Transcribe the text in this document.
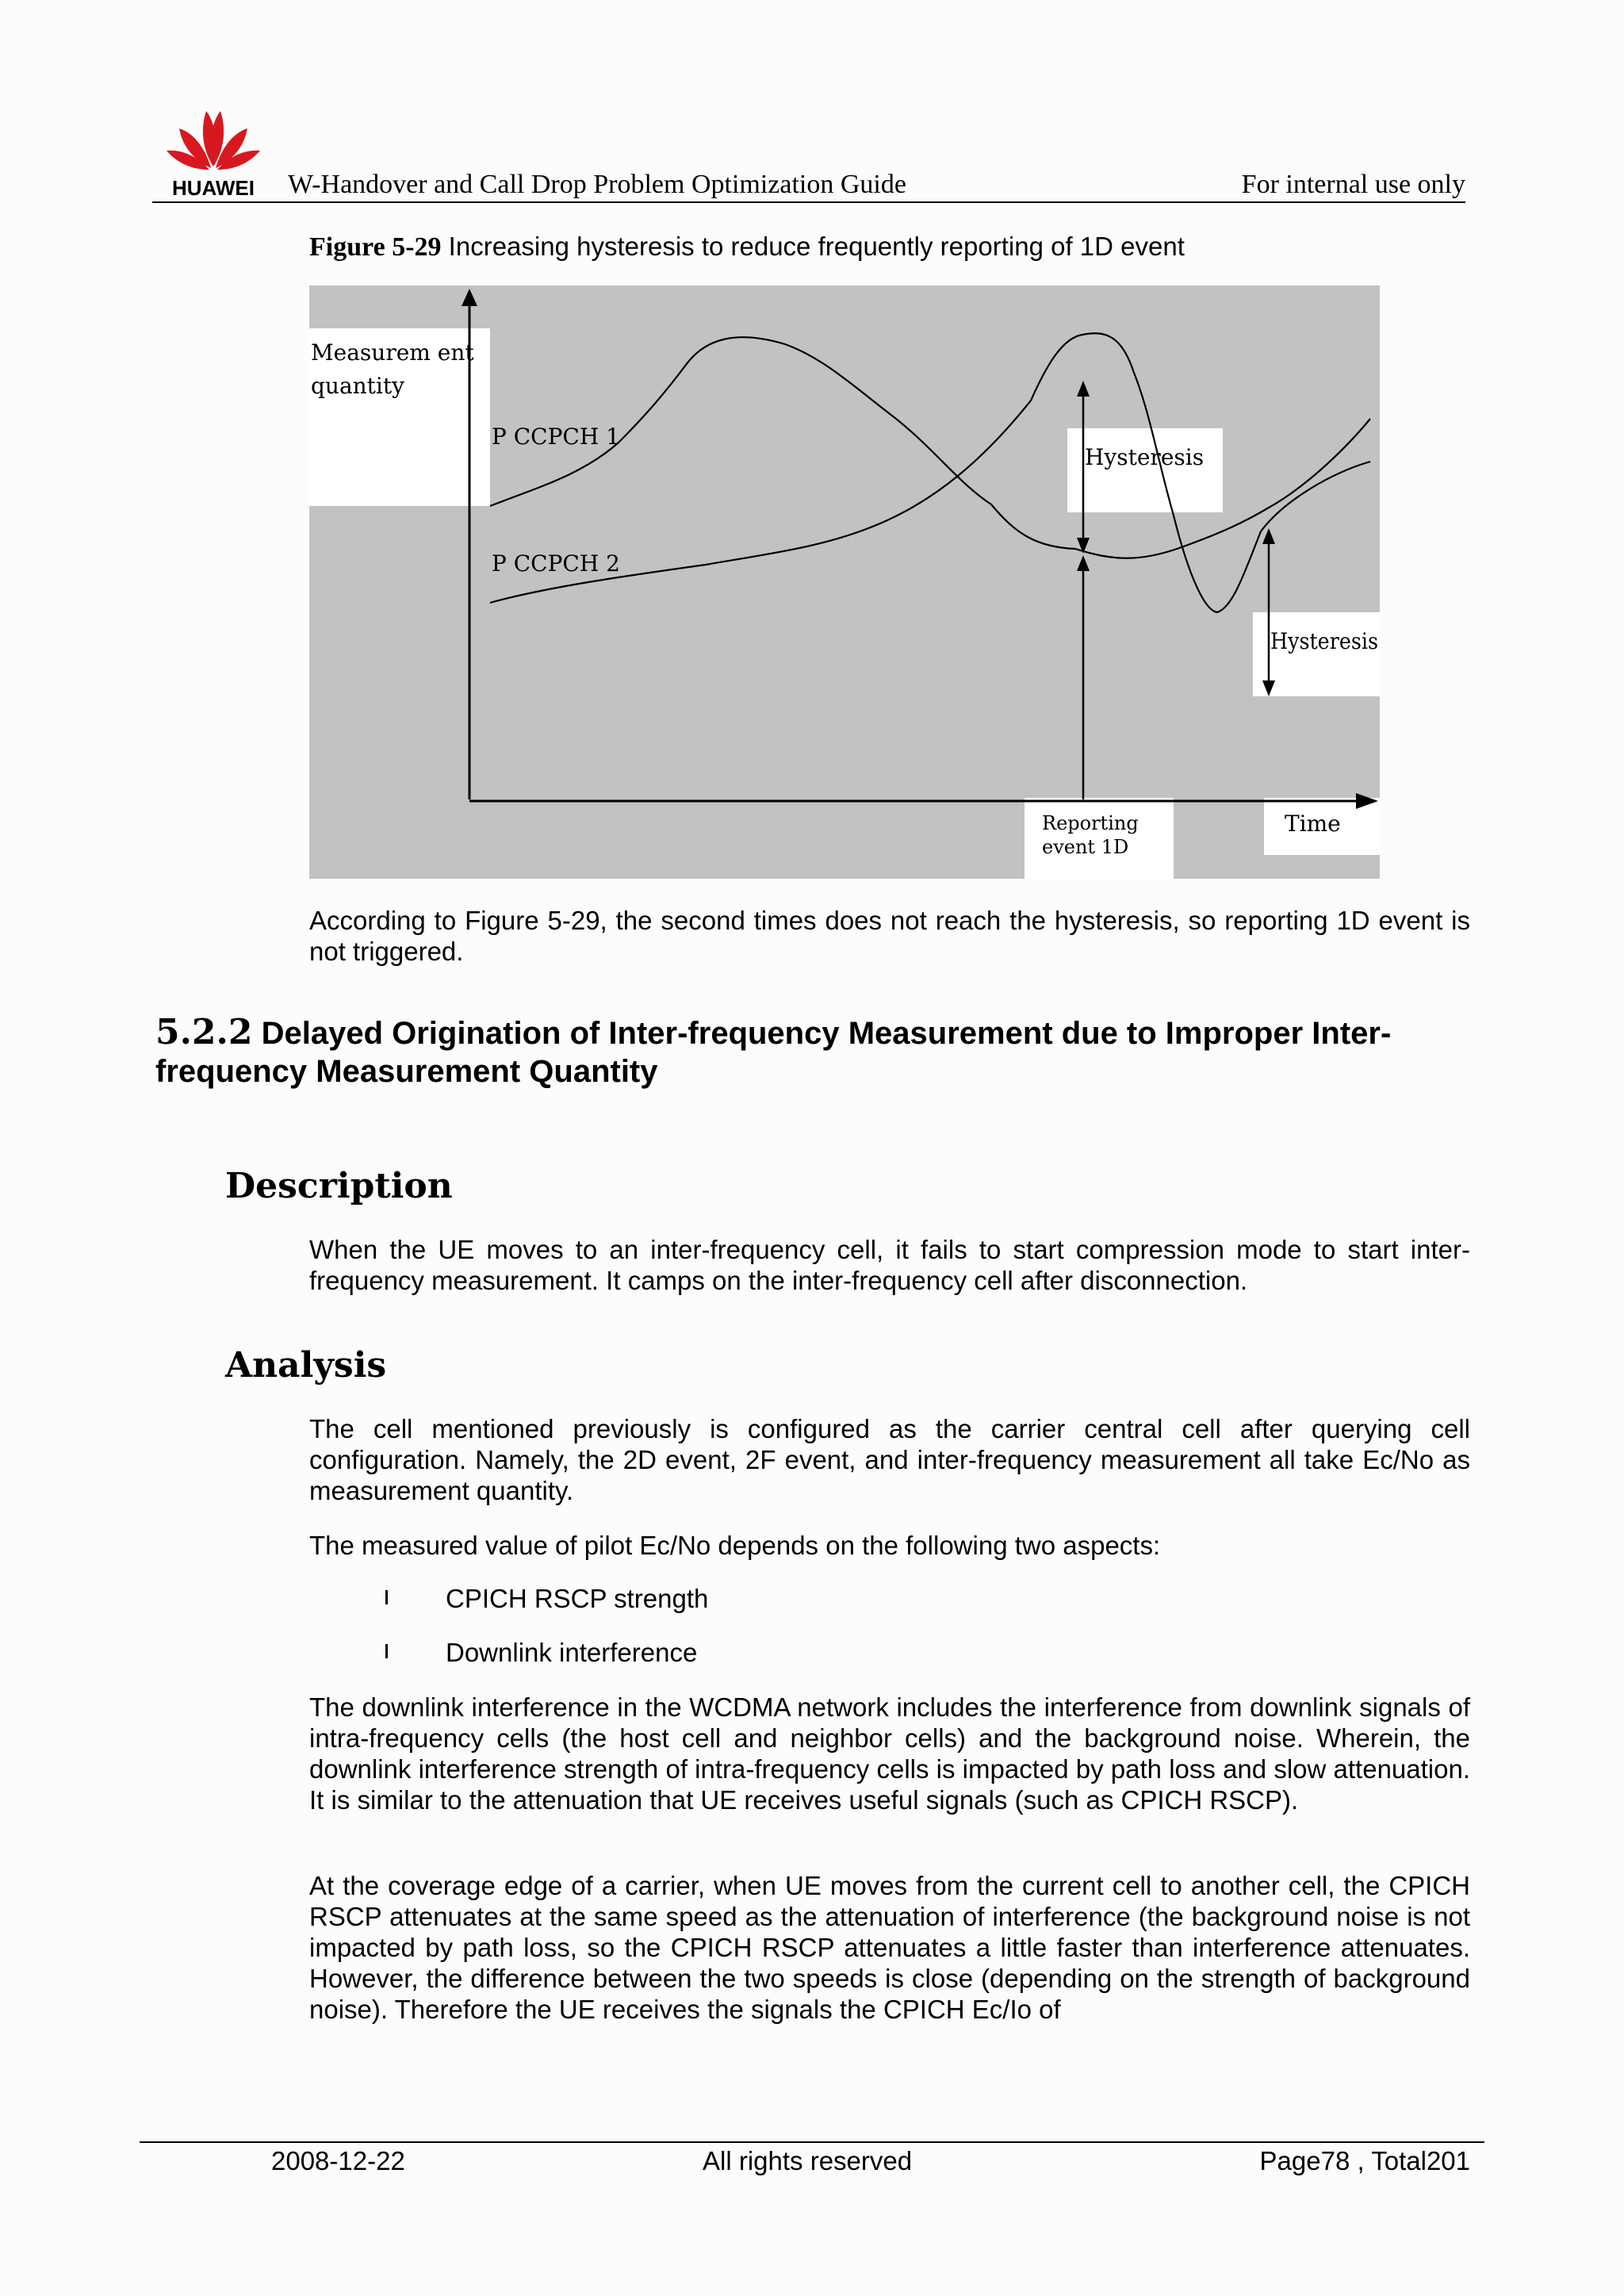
HUAWEI W-Handover and Call Drop Problem Optimization Guide	For internal use only
Figure 5-29 Increasing hysteresis to reduce frequently reporting of 1D event
Measurem ent
quantity
P CCPCH 1
P CCPCH 2
Hysteresis
Hysteresis
Reporting
event 1D
Time
According to Figure 5-29, the second times does not reach the hysteresis, so reporting 1D event is not triggered.
5.2.2 Delayed Origination of Inter-frequency Measurement due to Improper Inter-frequency Measurement Quantity
Description
When the UE moves to an inter-frequency cell, it fails to start compression mode to start inter-frequency measurement. It camps on the inter-frequency cell after disconnection.
Analysis
The cell mentioned previously is configured as the carrier central cell after querying cell configuration. Namely, the 2D event, 2F event, and inter-frequency measurement all take Ec/No as measurement quantity.
The measured value of pilot Ec/No depends on the following two aspects:
CPICH RSCP strength
Downlink interference
The downlink interference in the WCDMA network includes the interference from downlink signals of intra-frequency cells (the host cell and neighbor cells) and the background noise. Wherein, the downlink interference strength of intra-frequency cells is impacted by path loss and slow attenuation. It is similar to the attenuation that UE receives useful signals (such as CPICH RSCP).
At the coverage edge of a carrier, when UE moves from the current cell to another cell, the CPICH RSCP attenuates at the same speed as the attenuation of interference (the background noise is not impacted by path loss, so the CPICH RSCP attenuates a little faster than interference attenuates. However, the difference between the two speeds is close (depending on the strength of background noise). Therefore the UE receives the signals the CPICH Ec/Io of
2008-12-22	All rights reserved	Page78 , Total201
